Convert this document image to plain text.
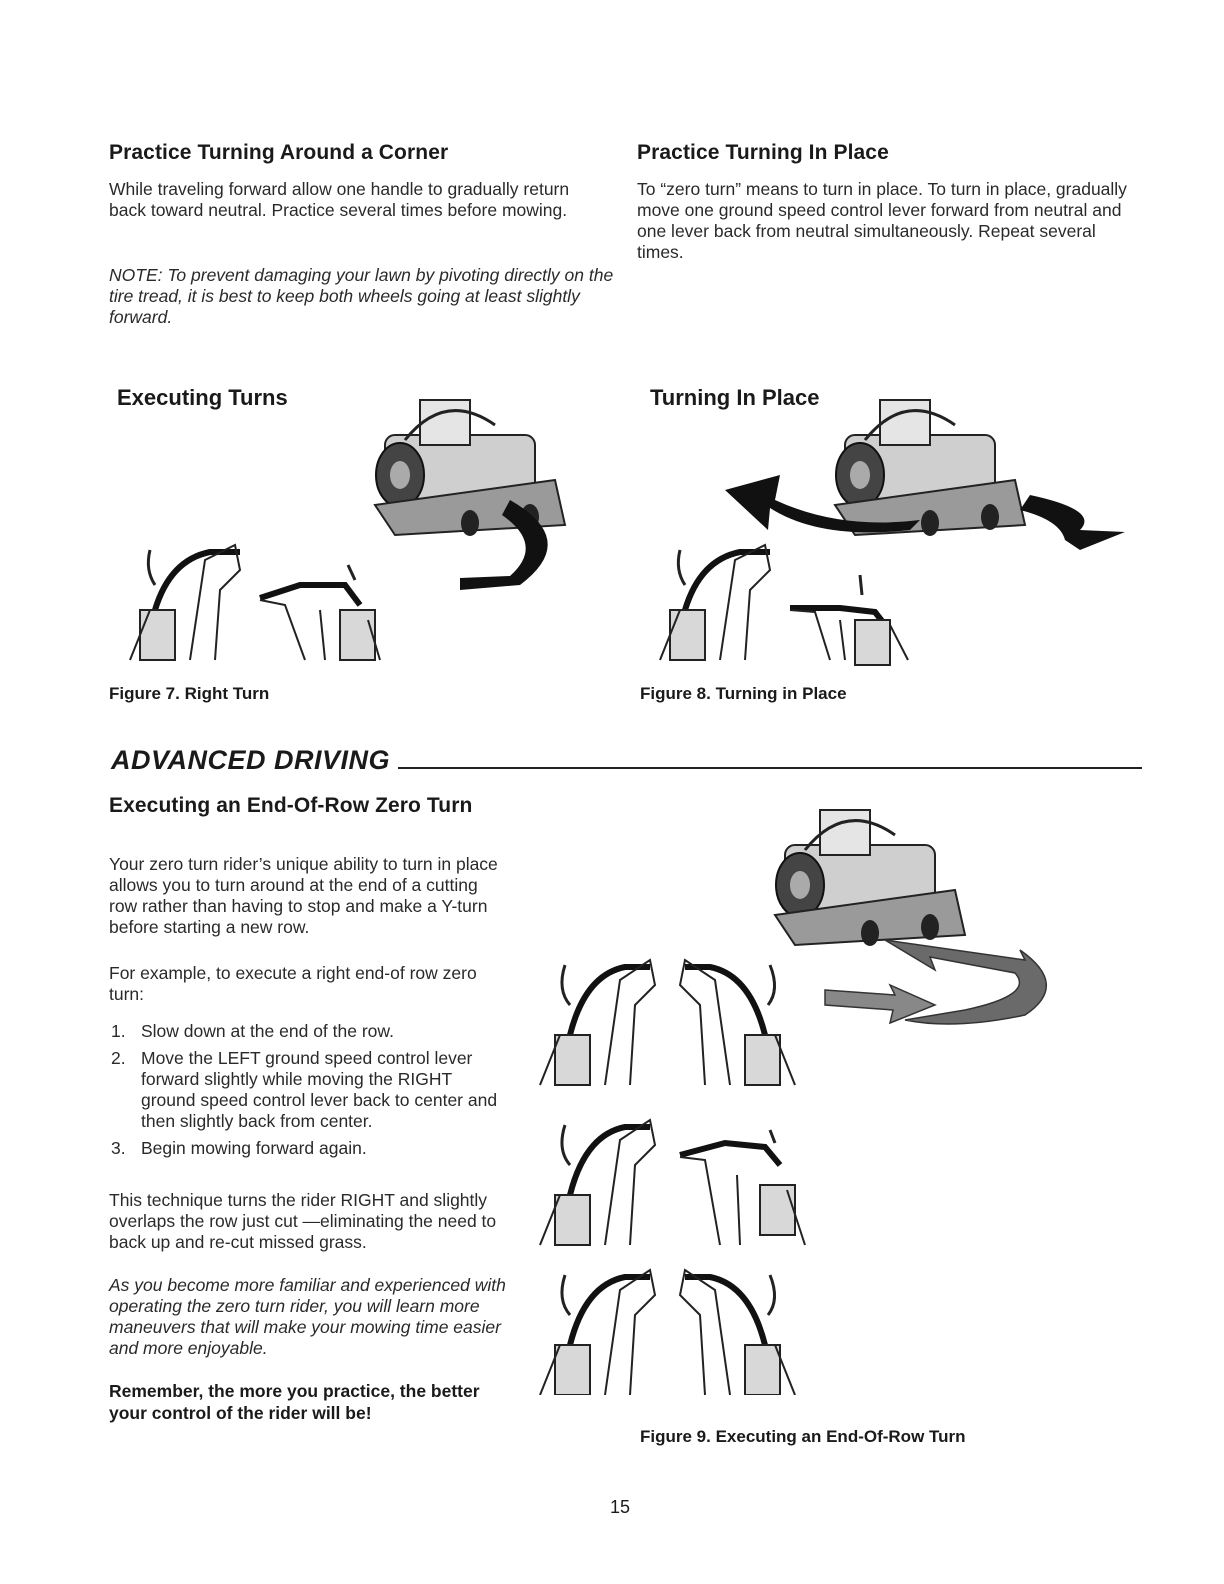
Practice Turning Around a Corner

While traveling forward allow one handle to gradually return back toward neutral. Practice several times before mowing.

NOTE: To prevent damaging your lawn by pivoting directly on the tire tread, it is best to keep both wheels going at least slightly forward.

Practice Turning In Place

To “zero turn” means to turn in place. To turn in place, gradually move one ground speed control lever forward from neutral and one lever back from neutral simultaneously. Repeat several times.

Executing Turns
Figure 7. Right Turn
Turning In Place
Figure 8. Turning in Place
ADVANCED DRIVING
Executing an End-Of-Row Zero Turn

Your zero turn rider’s unique ability to turn in place allows you to turn around at the end of a cutting row rather than having to stop and make a Y-turn before starting a new row.

For example, to execute a right end-of row zero turn:

1. Slow down at the end of the row.
2. Move the LEFT ground speed control lever forward slightly while moving the RIGHT ground speed control lever back to center and then slightly back from center.
3. Begin mowing forward again.

This technique turns the rider RIGHT and slightly overlaps the row just cut —eliminating the need to back up and re-cut missed grass.

As you become more familiar and experienced with operating the zero turn rider, you will learn more maneuvers that will make your mowing time easier and more enjoyable.

Remember, the more you practice, the better your control of the rider will be!

Figure 9. Executing an End-Of-Row Turn
15
